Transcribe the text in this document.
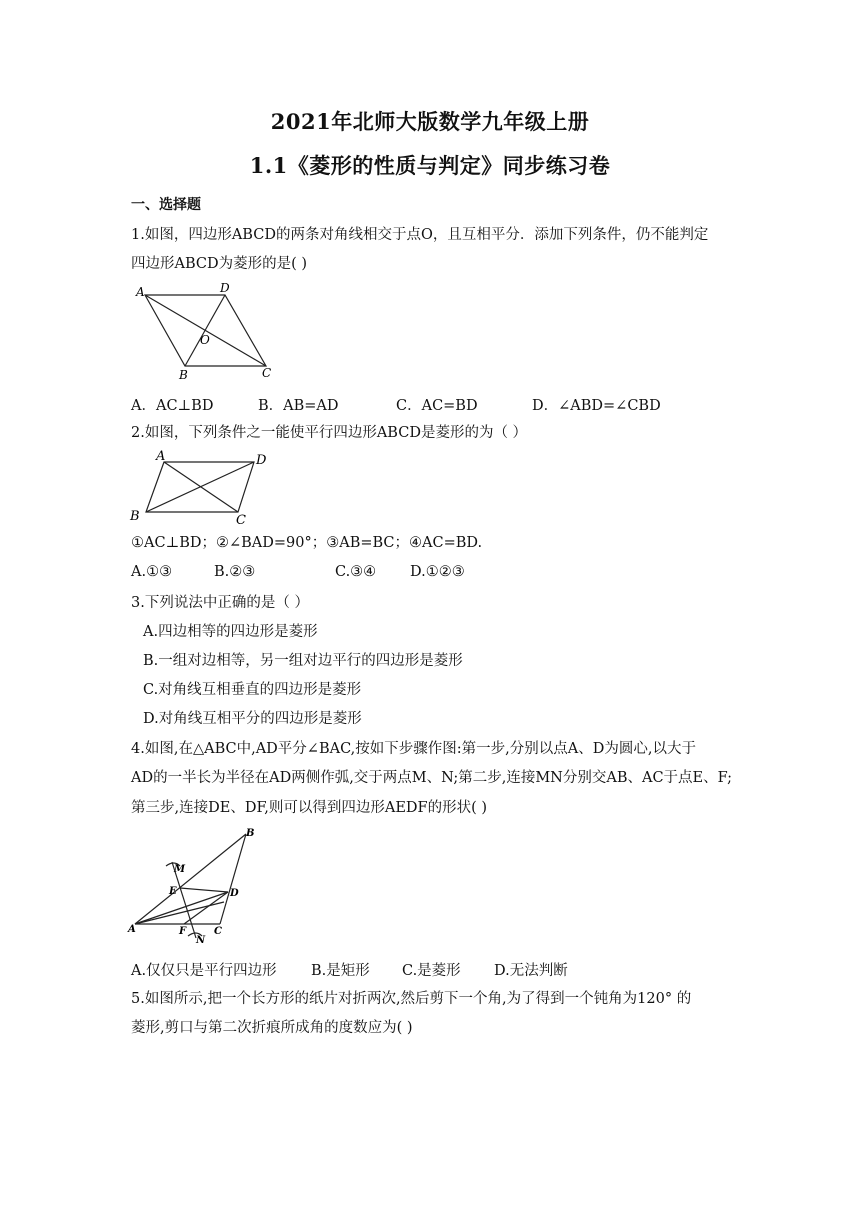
2021年北师大版数学九年级上册
1.1《菱形的性质与判定》同步练习卷
一、选择题
1.如图，四边形ABCD的两条对角线相交于点O，且互相平分．添加下列条件，仍不能判定
四边形ABCD为菱形的是( )
A	D
O
B	C
A．AC⊥BD	B．AB=AD	C．AC=BD	D．∠ABD=∠CBD
2.如图，下列条件之一能使平行四边形ABCD是菱形的为（ ）
A	D
B	C
①AC⊥BD；②∠BAD=90°；③AB=BC；④AC=BD.
A.①③	B.②③	C.③④ D.①②③
3.下列说法中正确的是（ ）
A.四边相等的四边形是菱形
B.一组对边相等，另一组对边平行的四边形是菱形
C.对角线互相垂直的四边形是菱形
D.对角线互相平分的四边形是菱形
4.如图,在△ABC中,AD平分∠BAC,按如下步骤作图:第一步,分别以点A、D为圆心,以大于
AD的一半长为半径在AD两侧作弧,交于两点M、N;第二步,连接MN分别交AB、AC于点E、F;
第三步,连接DE、DF,则可以得到四边形AEDF的形状( )
B
M
E	D
A	F	C
N
A.仅仅只是平行四边形 B.是矩形 C.是菱形 D.无法判断
5.如图所示,把一个长方形的纸片对折两次,然后剪下一个角,为了得到一个钝角为120° 的
菱形,剪口与第二次折痕所成角的度数应为( )
